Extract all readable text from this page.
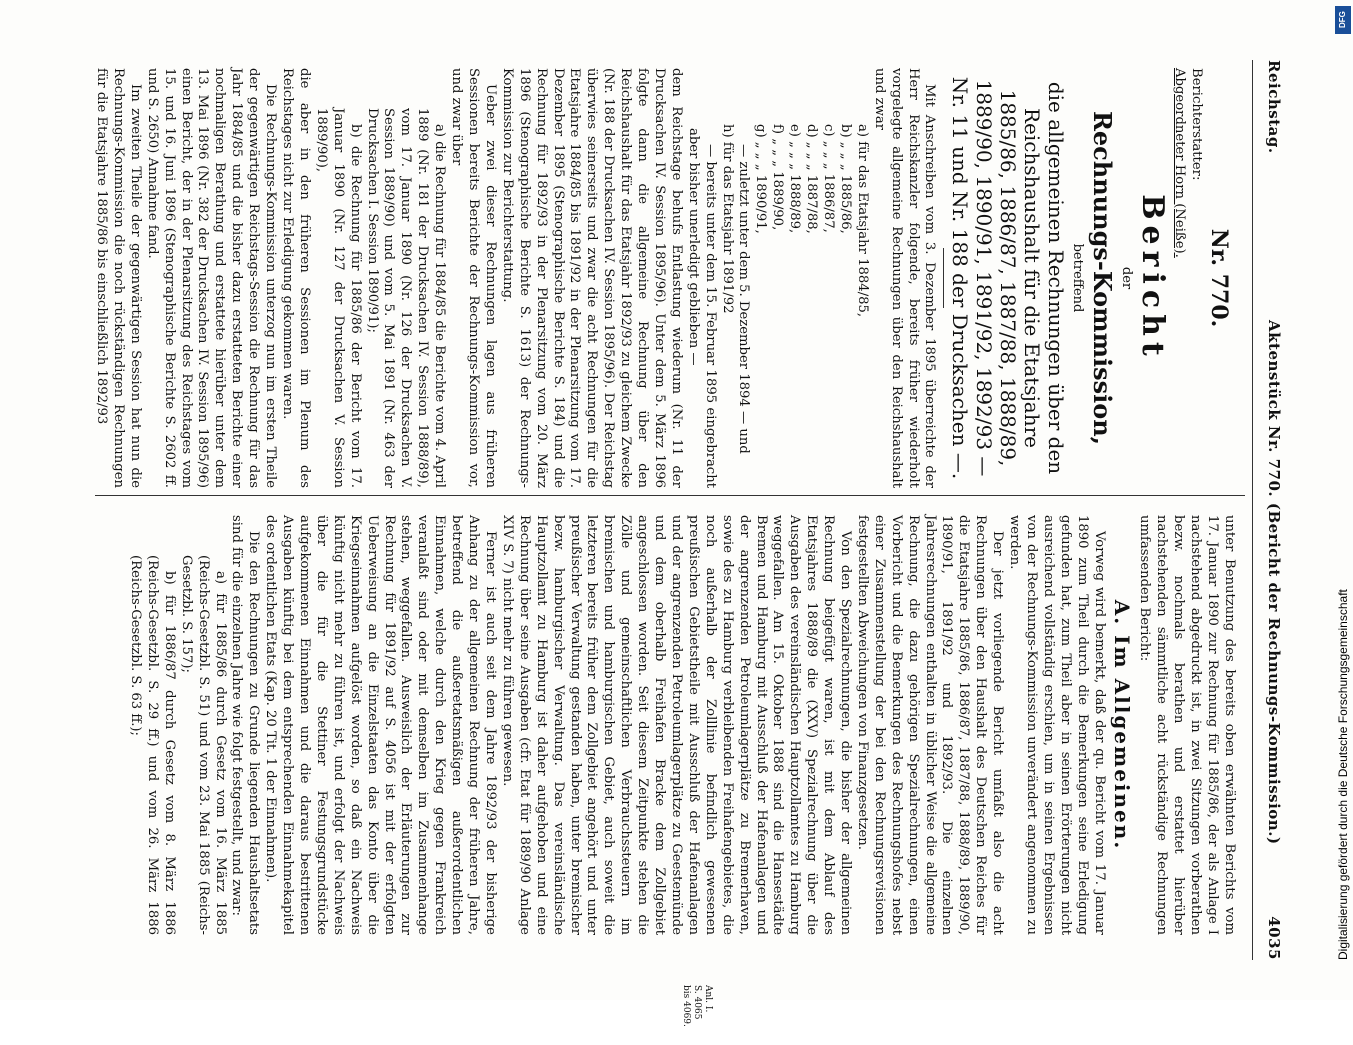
Reichstag.
Aktenstück Nr. 770. (Bericht der Rechnungs-Kommission.)
4035
Nr. 770.

Berichterstatter:

Abgeordneter Horn (Neiße).

Bericht
der
Rechnungs-Kommission,
betreffend
die allgemeinen Rechnungen über den Reichshaushalt für die Etatsjahre 1885/86, 1886/87, 1887/88, 1888/89, 1889/90, 1890/91, 1891/92, 1892/93 — Nr. 11 und Nr. 188 der Drucksachen —.

Mit Anschreiben vom 3. Dezember 1895 überreichte der Herr Reichskanzler folgende, bereits früher wiederholt vorgelegte allgemeine Rechnungen über den Reichshaushalt und zwar

a) für das Etatsjahr 1884/85,

b) „ „ „ 1885/86,

c) „ „ „ 1886/87,

d) „ „ „ 1887/88,

e) „ „ „ 1888/89,

f) „ „ „ 1889/90,

g) „ „ „ 1890/91,

— zuletzt unter dem 5. Dezember 1894 — und

h) für das Etatsjahr 1891/92

— bereits unter dem 15. Februar 1895 eingebracht aber bisher unerledigt geblieben —

dem Reichstage behufs Entlastung wiederum (Nr. 11 der Drucksachen IV. Session 1895/96). Unter dem 5. März 1896 folgte dann die allgemeine Rechnung über den Reichshaushalt für das Etatsjahr 1892/93 zu gleichem Zwecke (Nr. 188 der Drucksachen IV. Session 1895/96). Der Reichstag überwies seinerseits und zwar die acht Rechnungen für die Etatsjahre 1884/85 bis 1891/92 in der Plenarsitzung vom 17. Dezember 1895 (Stenographische Berichte S. 184) und die Rechnung für 1892/93 in der Plenarsitzung vom 20. März 1896 (Stenographische Berichte S. 1613) der Rechnungs-Kommission zur Berichterstattung.

Ueber zwei dieser Rechnungen lagen aus früheren Sessionen bereits Berichte der Rechnungs-Kommission vor, und zwar über

a) die Rechnung für 1884/85 die Berichte vom 4. April 1889 (Nr. 181 der Drucksachen IV. Session 1888/89), vom 17. Januar 1890 (Nr. 126 der Drucksachen V. Session 1889/90) und vom 5. Mai 1891 (Nr. 463 der Drucksachen I. Session 1890/91);

b) die Rechnung für 1885/86 der Bericht vom 17. Januar 1890 (Nr. 127 der Drucksachen V. Session 1889/90),

die aber in den früheren Sessionen im Plenum des Reichstages nicht zur Erledigung gekommen waren.

Die Rechnungs-Kommission unterzog nun im ersten Theile der gegenwärtigen Reichstags-Session die Rechnung für das Jahr 1884/85 und die bisher dazu erstatteten Berichte einer nochmaligen Berathung und erstattete hierüber unter dem 13. Mai 1896 (Nr. 382 der Drucksachen IV. Session 1895/96) einen Bericht, der in der Plenarsitzung des Reichstages vom 15. und 16. Juni 1896 (Stenographische Berichte S. 2602 ff. und S. 2650) Annahme fand.

Im zweiten Theile der gegenwärtigen Session hat nun die Rechnungs-Kommission die noch rückständigen Rechnungen für die Etatsjahre 1885/86 bis einschließlich 1892/93

unter Benutzung des bereits oben erwähnten Berichts vom 17. Januar 1890 zur Rechnung für 1885/86, der als Anlage I nachstehend abgedruckt ist, in zwei Sitzungen vorberathen bezw. nochmals berathen und erstattet hierüber nachstehenden sämmtliche acht rückständige Rechnungen umfassenden Bericht:

A. Im Allgemeinen.

Vorweg wird bemerkt, daß der qu. Bericht vom 17. Januar 1890 zum Theil durch die Bemerkungen seine Erledigung gefunden hat, zum Theil aber in seinen Erörterungen nicht ausreichend vollständig erschien, um in seinen Ergebnissen von der Rechnungs-Kommission unverändert angenommen zu werden.

Der jetzt vorliegende Bericht umfaßt also die acht Rechnungen über den Haushalt des Deutschen Reiches für die Etatsjahre 1885/86, 1886/87, 1887/88, 1888/89, 1889/90, 1890/91, 1891/92 und 1892/93. Die einzelnen Jahresrechnungen enthalten in üblicher Weise die allgemeine Rechnung, die dazu gehörigen Spezialrechnungen, einen Vorbericht und die Bemerkungen des Rechnungshofes nebst einer Zusammenstellung der bei den Rechnungsrevisionen festgestellten Abweichungen von Finanzgesetzen.

Von den Spezialrechnungen, die bisher der allgemeinen Rechnung beigefügt waren, ist mit dem Ablauf des Etatsjahres 1888/89 die (XXV) Spezialrechnung über die Ausgaben des vereinsländischen Hauptzollamtes zu Hamburg weggefallen. Am 15. Oktober 1888 sind die Hansestädte Bremen und Hamburg mit Ausschluß der Hafenanlagen und der angrenzenden Petroleumlagerplätze zu Bremerhaven, sowie des zu Hamburg verbleibenden Freihafengebietes, die noch außerhalb der Zolllinie befindlich gewesenen preußischen Gebietstheile mit Ausschluß der Hafenanlagen und der angrenzenden Petroleumlagerplätze zu Geestemünde und dem oberhalb Freihafen Bracke dem Zollgebiet angeschlossen worden. Seit diesem Zeitpunkte stehen die Zölle und gemeinschaftlichen Verbrauchssteuern im bremischen und hamburgischen Gebiet, auch soweit die letzteren bereits früher dem Zollgebiet angehört und unter preußischer Verwaltung gestanden haben, unter bremischer bezw. hamburgischer Verwaltung. Das vereinsländische Hauptzollamt zu Hamburg ist daher aufgehoben und eine Rechnung über seine Ausgaben (cfr. Etat für 1889/90 Anlage XIV S. 7) nicht mehr zu führen gewesen.

Ferner ist auch seit dem Jahre 1892/93 der bisherige Anhang zu der allgemeinen Rechnung der früheren Jahre, betreffend die außeretatsmäßigen außerordentlichen Einnahmen, welche durch den Krieg gegen Frankreich veranlaßt sind oder mit demselben im Zusammenhange stehen, weggefallen. Ausweislich der Erläuterungen zur Rechnung für 1891/92 auf S. 4056 ist mit der erfolgten Ueberweisung an die Einzelstaaten das Konto über die Kriegseinnahmen aufgelöst worden, so daß ein Nachweis künftig nicht mehr zu führen ist, und erfolgt der Nachweis über die für die Stettiner Festungsgrundstücke aufgekommenen Einnahmen und die daraus bestrittenen Ausgaben künftig bei dem entsprechenden Einnahmekapitel des ordentlichen Etats (Kap. 20 Tit. 1 der Einnahmen).

Die den Rechnungen zu Grunde liegenden Haushaltsetats sind für die einzelnen Jahre wie folgt festgestellt, und zwar:

a) für 1885/86 durch Gesetz vom 16. März 1885 (Reichs-Gesetzbl. S. 51) und vom 23. Mai 1885 (Reichs-Gesetzbl. S. 157);

b) für 1886/87 durch Gesetz vom 8. März 1886 (Reichs-Gesetzbl. S. 29 ff.) und vom 26. März 1886 (Reichs-Gesetzbl. S. 63 ff.);

Anl. I.
S. 4065
bis 4069.
Digitalisierung gefördert durch die Deutsche Forschungsgemeinschaft
DFG
